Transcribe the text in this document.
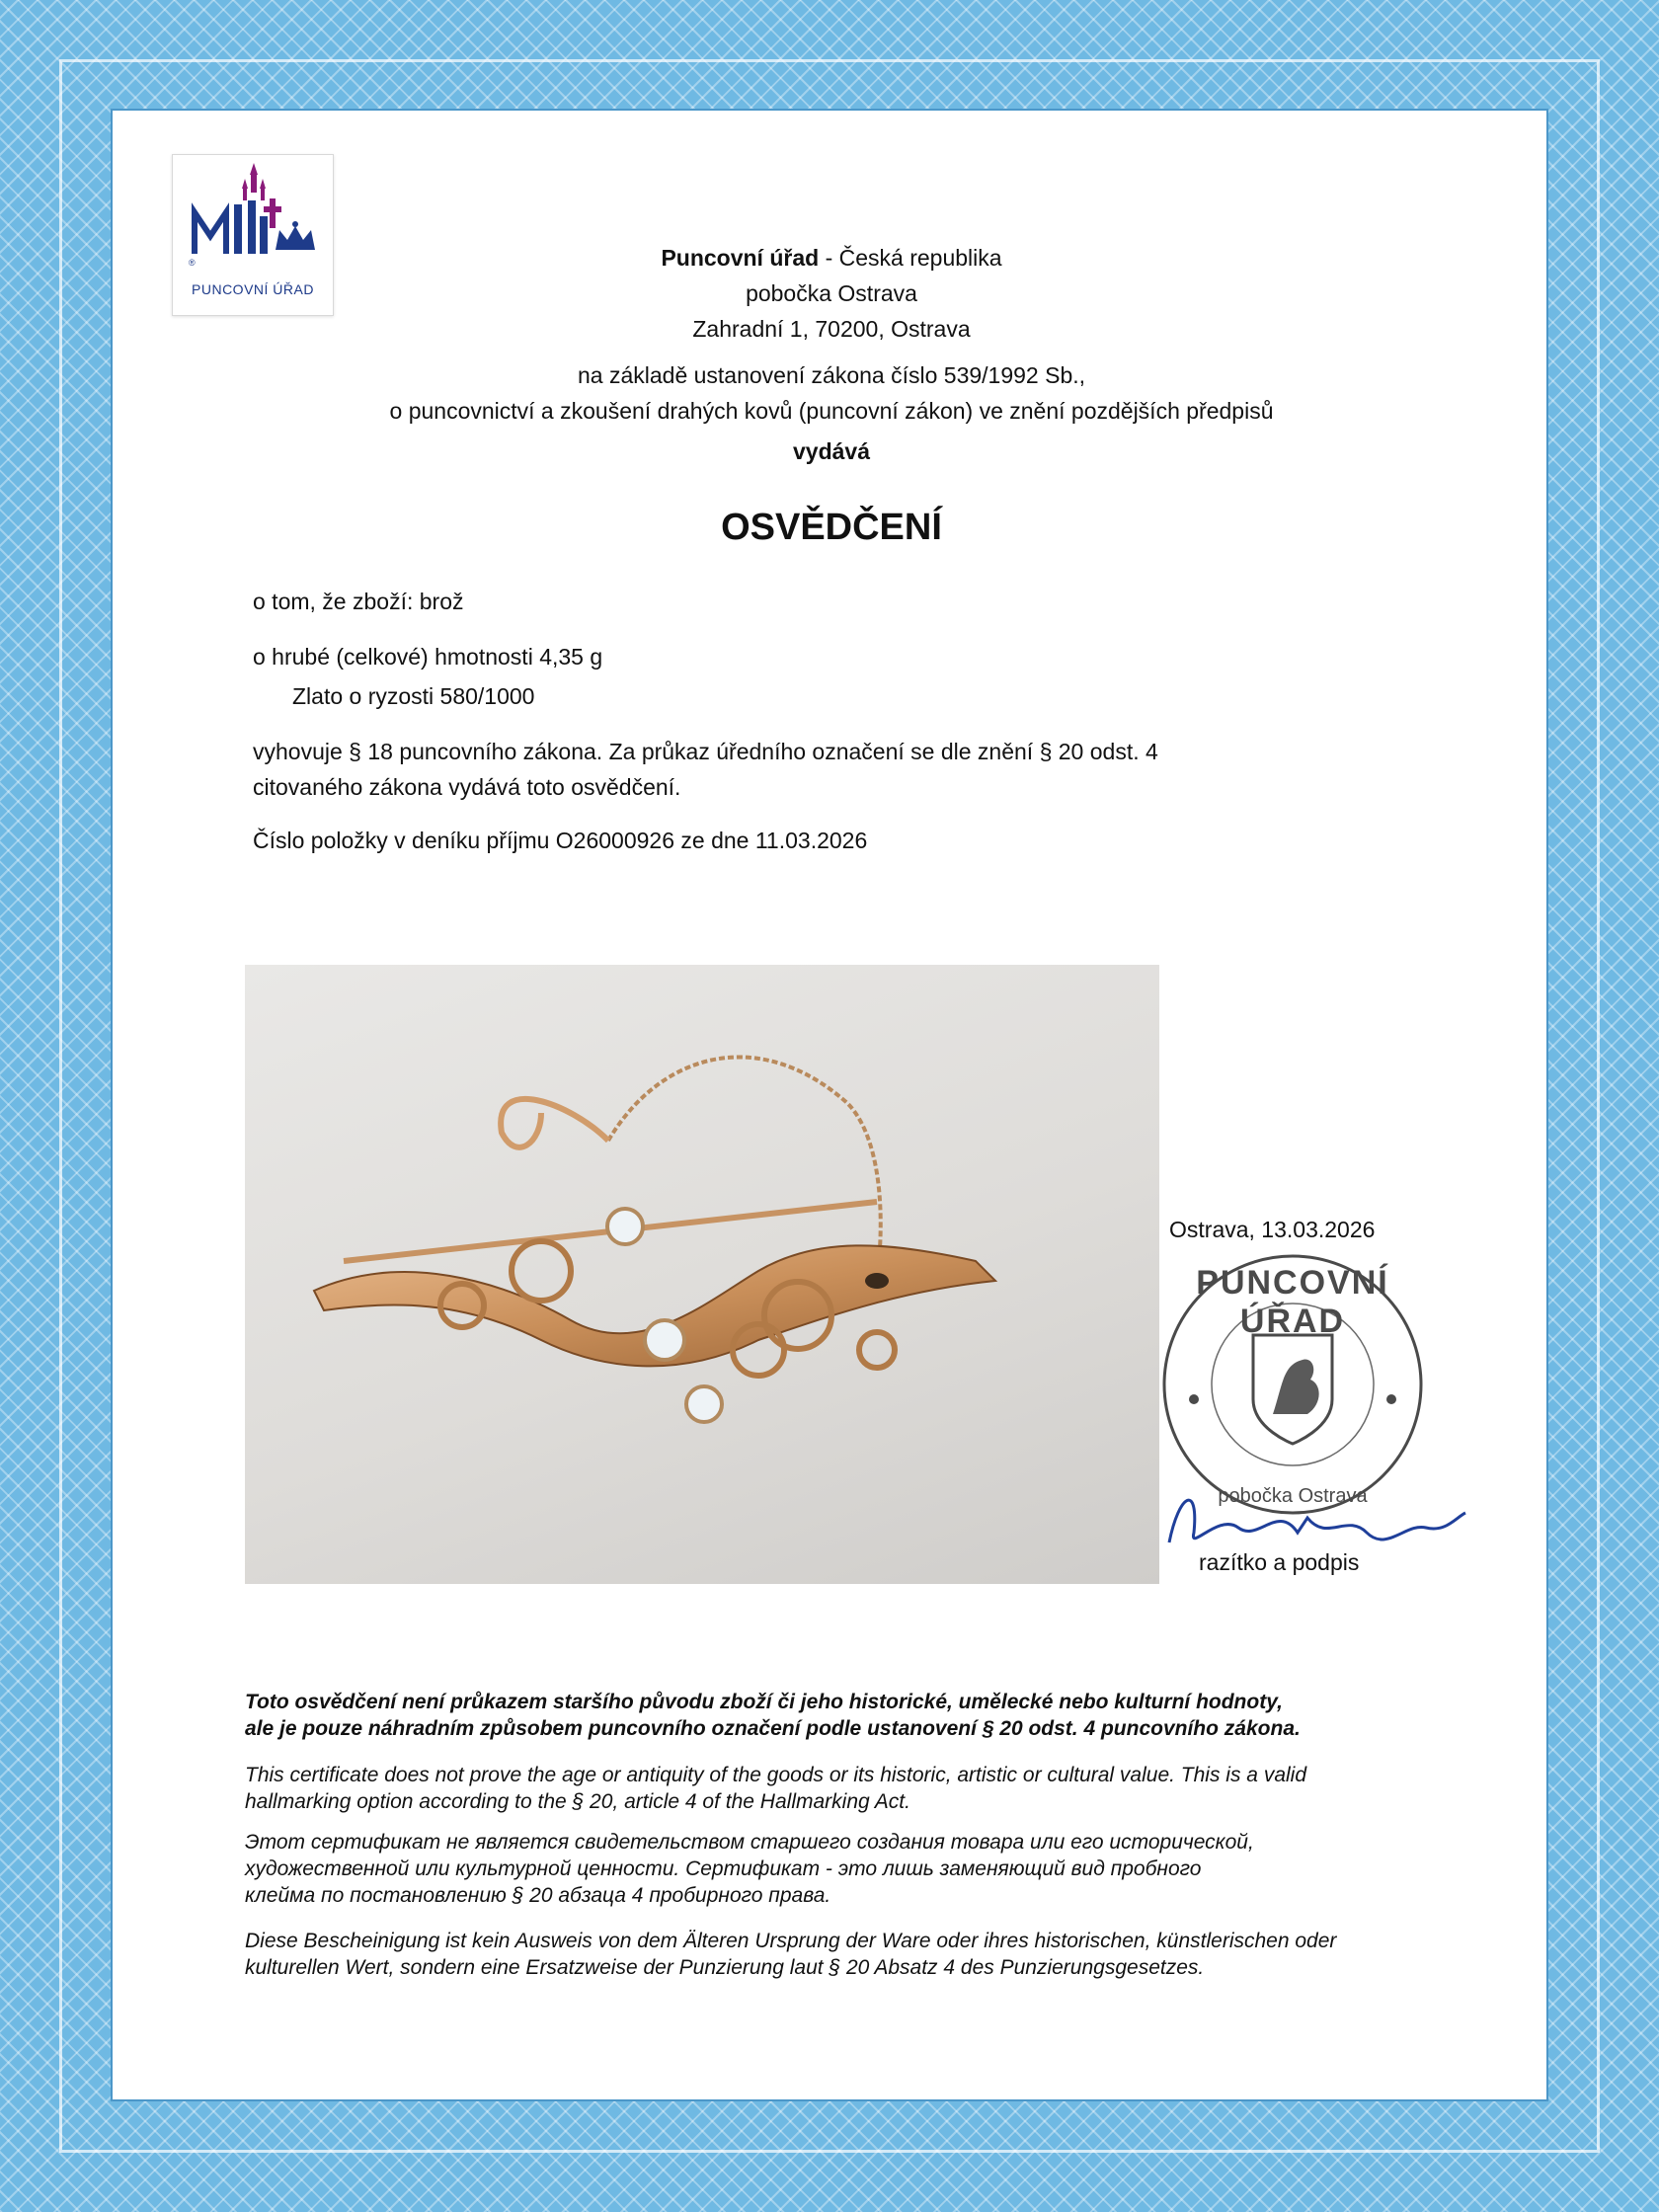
®
PUNCOVNÍ ÚŘAD
Puncovní úřad - Česká republika
pobočka Ostrava
Zahradní 1, 70200, Ostrava
na základě ustanovení zákona číslo 539/1992 Sb.,
o puncovnictví a zkoušení drahých kovů (puncovní zákon) ve znění pozdějších předpisů
vydává
OSVĚDČENÍ
o tom, že zboží: brož
o hrubé (celkové) hmotnosti 4,35 g
Zlato o ryzosti 580/1000
vyhovuje § 18 puncovního zákona. Za průkaz úředního označení se dle znění § 20 odst. 4
citovaného zákona vydává toto osvědčení.
Číslo položky v deníku příjmu O26000926 ze dne 11.03.2026
Ostrava, 13.03.2026
PUNCOVNÍ ÚŘAD
pobočka Ostrava
razítko a podpis
Toto osvědčení není průkazem staršího původu zboží či jeho historické, umělecké nebo kulturní hodnoty,
ale je pouze náhradním způsobem puncovního označení podle ustanovení § 20 odst. 4 puncovního zákona.
This certificate does not prove the age or antiquity of the goods or its historic, artistic or cultural value. This is a valid
hallmarking option according to the § 20, article 4 of the Hallmarking Act.
Этот сертификат не является свидетельством старшего создания товара или его исторической,
художественной или культурной ценности. Сертификат - это лишь заменяющий вид пробного
клейма по постановлению § 20 абзаца 4 пробирного права.
Diese Bescheinigung ist kein Ausweis von dem Älteren Ursprung der Ware oder ihres historischen, künstlerischen oder
kulturellen Wert, sondern eine Ersatzweise der Punzierung laut § 20 Absatz 4 des Punzierungsgesetzes.
